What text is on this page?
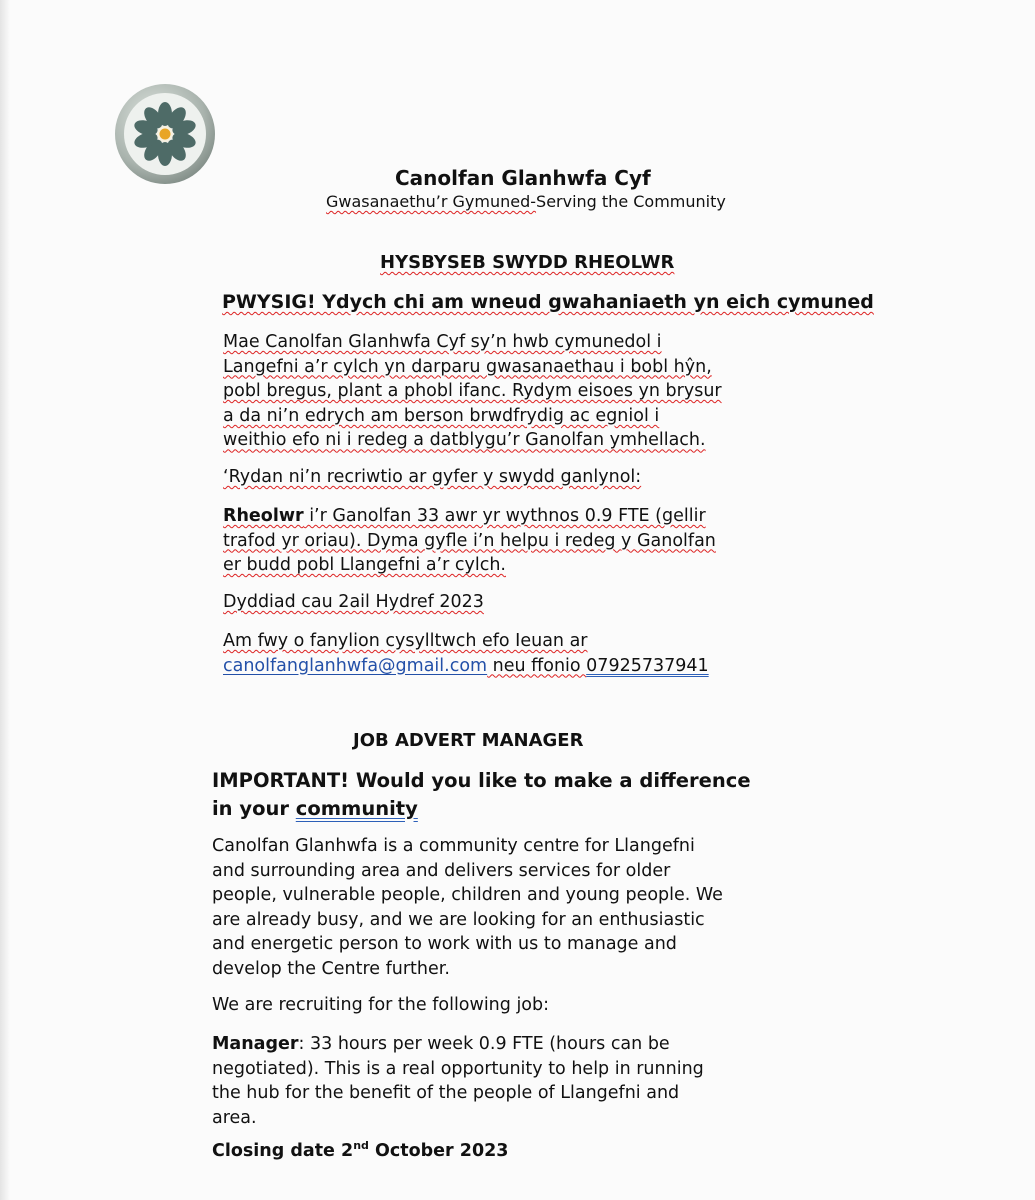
Canolfan Glanhwfa Cyf
Gwasanaethu’r Gymuned-Serving the Community
HYSBYSEB SWYDD RHEOLWR
PWYSIG! Ydych chi am wneud gwahaniaeth yn eich cymuned
Mae Canolfan Glanhwfa Cyf sy’n hwb cymunedol i
Langefni a’r cylch yn darparu gwasanaethau i bobl hŷn,
pobl bregus, plant a phobl ifanc. Rydym eisoes yn brysur
a da ni’n edrych am berson brwdfrydig ac egniol i
weithio efo ni i redeg a datblygu’r Ganolfan ymhellach.
‘Rydan ni’n recriwtio ar gyfer y swydd ganlynol:
Rheolwr i’r Ganolfan 33 awr yr wythnos 0.9 FTE (gellir
trafod yr oriau). Dyma gyfle i’n helpu i redeg y Ganolfan
er budd pobl Llangefni a’r cylch.
Dyddiad cau 2ail Hydref 2023
Am fwy o fanylion cysylltwch efo Ieuan ar
canolfanglanhwfa@gmail.com neu ffonio 07925737941
JOB ADVERT MANAGER
IMPORTANT! Would you like to make a difference
in your community
Canolfan Glanhwfa is a community centre for Llangefni
and surrounding area and delivers services for older
people, vulnerable people, children and young people. We
are already busy, and we are looking for an enthusiastic
and energetic person to work with us to manage and
develop the Centre further.
We are recruiting for the following job:
Manager: 33 hours per week 0.9 FTE (hours can be
negotiated). This is a real opportunity to help in running
the hub for the benefit of the people of Llangefni and
area.
Closing date 2nd October 2023
